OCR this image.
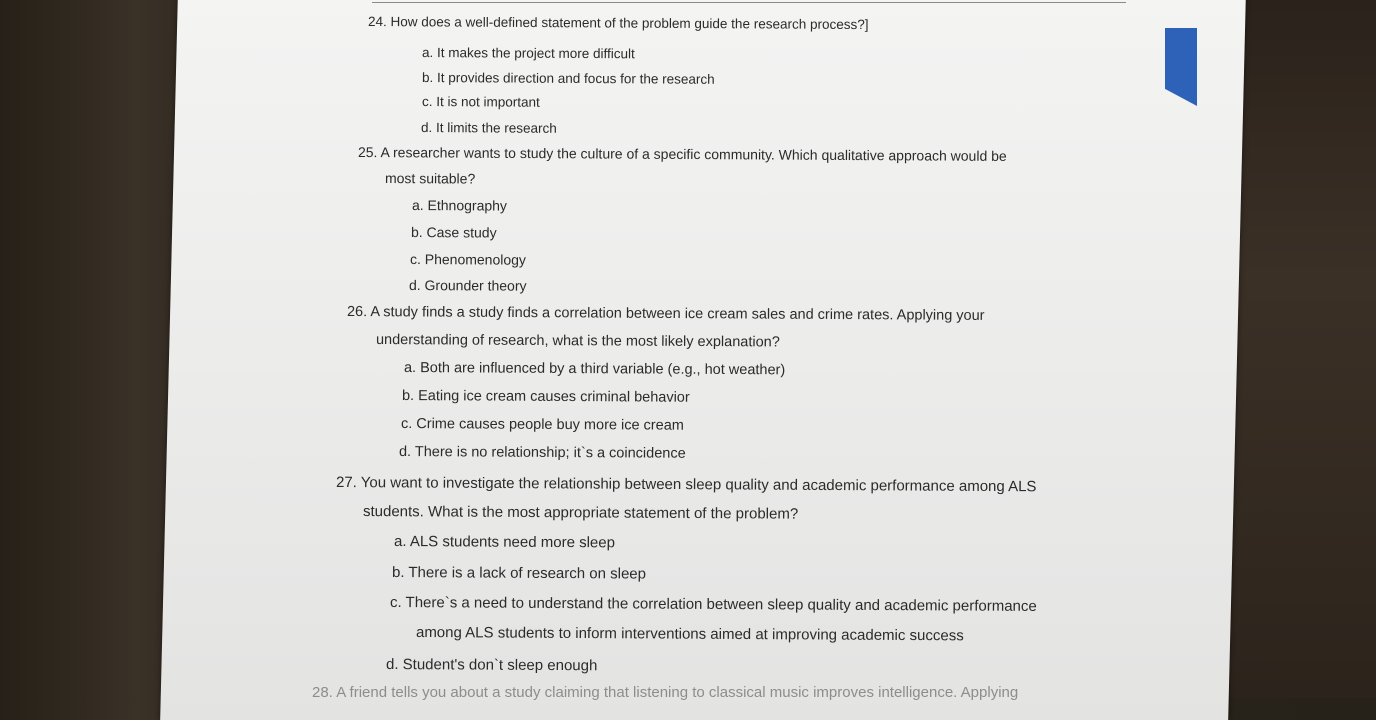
24. How does a well-defined statement of the problem guide the research process?]

a. It makes the project more difficult

b. It provides direction and focus for the research

c. It is not important

d. It limits the research

25. A researcher wants to study the culture of a specific community. Which qualitative approach would be

most suitable?

a. Ethnography

b. Case study

c. Phenomenology

d. Grounder theory

26. A study finds a study finds a correlation between ice cream sales and crime rates. Applying your

understanding of research, what is the most likely explanation?

a. Both are influenced by a third variable (e.g., hot weather)

b. Eating ice cream causes criminal behavior

c. Crime causes people buy more ice cream

d. There is no relationship; it`s a coincidence

27. You want to investigate the relationship between sleep quality and academic performance among ALS

students. What is the most appropriate statement of the problem?

a. ALS students need more sleep

b. There is a lack of research on sleep

c. There`s a need to understand the correlation between sleep quality and academic performance

among ALS students to inform interventions aimed at improving academic success

d. Student's don`t sleep enough

28. A friend tells you about a study claiming that listening to classical music improves intelligence. Applying
